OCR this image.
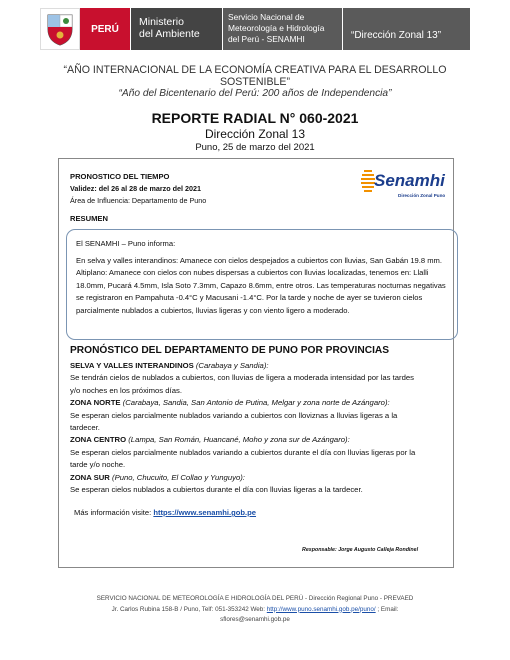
PERÚ
Ministerio
del Ambiente
Servicio Nacional de Meteorología e Hidrología del Perú - SENAMHI	“Dirección Zonal 13”
“AÑO INTERNACIONAL DE LA ECONOMÍA CREATIVA PARA EL DESARROLLO SOSTENIBLE”
“Año del Bicentenario del Perú: 200 años de Independencia”
REPORTE RADIAL N° 060-2021
Dirección Zonal 13
Puno, 25 de marzo del 2021
PRONOSTICO DEL TIEMPO
Validez: del 26 al 28 de marzo del 2021
Área de Influencia: Departamento de Puno
RESUMEN
Senamhi
Dirección Zonal Puno

El SENAMHI – Puno informa:

En selva y valles interandinos: Amanece con cielos despejados a cubiertos con lluvias, San Gabán 19.8 mm. Altiplano: Amanece con cielos con nubes dispersas a cubiertos con lluvias localizadas, tenemos en: Llalli 18.0mm, Pucará 4.5mm, Isla Soto 7.3mm, Capazo 8.6mm, entre otros. Las temperaturas nocturnas negativas se registraron en Pampahuta -0.4°C y Macusani -1.4°C. Por la tarde y noche de ayer se tuvieron cielos parcialmente nublados a cubiertos, lluvias ligeras y con viento ligero a moderado.

PRONÓSTICO DEL DEPARTAMENTO DE PUNO POR PROVINCIAS
SELVA Y VALLES INTERANDINOS (Carabaya y Sandia):
Se tendrán cielos de nublados a cubiertos, con lluvias de ligera a moderada intensidad por las tardes y/o noches en los próximos días.
ZONA NORTE (Carabaya, Sandia, San Antonio de Putina, Melgar y zona norte de Azángaro):
Se esperan cielos parcialmente nublados variando a cubiertos con lloviznas a lluvias ligeras a la tardecer.
ZONA CENTRO (Lampa, San Román, Huancané, Moho y zona sur de Azángaro):
Se esperan cielos parcialmente nublados variando a cubiertos durante el día con lluvias ligeras por la tarde y/o noche.
ZONA SUR (Puno, Chucuito, El Collao y Yunguyo):
Se esperan cielos nublados a cubiertos durante el día con lluvias ligeras a la tardecer.
Más información visite: https://www.senamhi.gob.pe
Responsable: Jorge Augusto Calleja Rondinel
SERVICIO NACIONAL DE METEOROLOGÍA E HIDROLOGÍA DEL PERÚ - Dirección Regional Puno - PREVAED
Jr. Carlos Rubina 158-B / Puno, Telf: 051-353242 Web: http://www.puno.senamhi.gob.pe/puno/ ; Email:
sflores@senamhi.gob.pe
